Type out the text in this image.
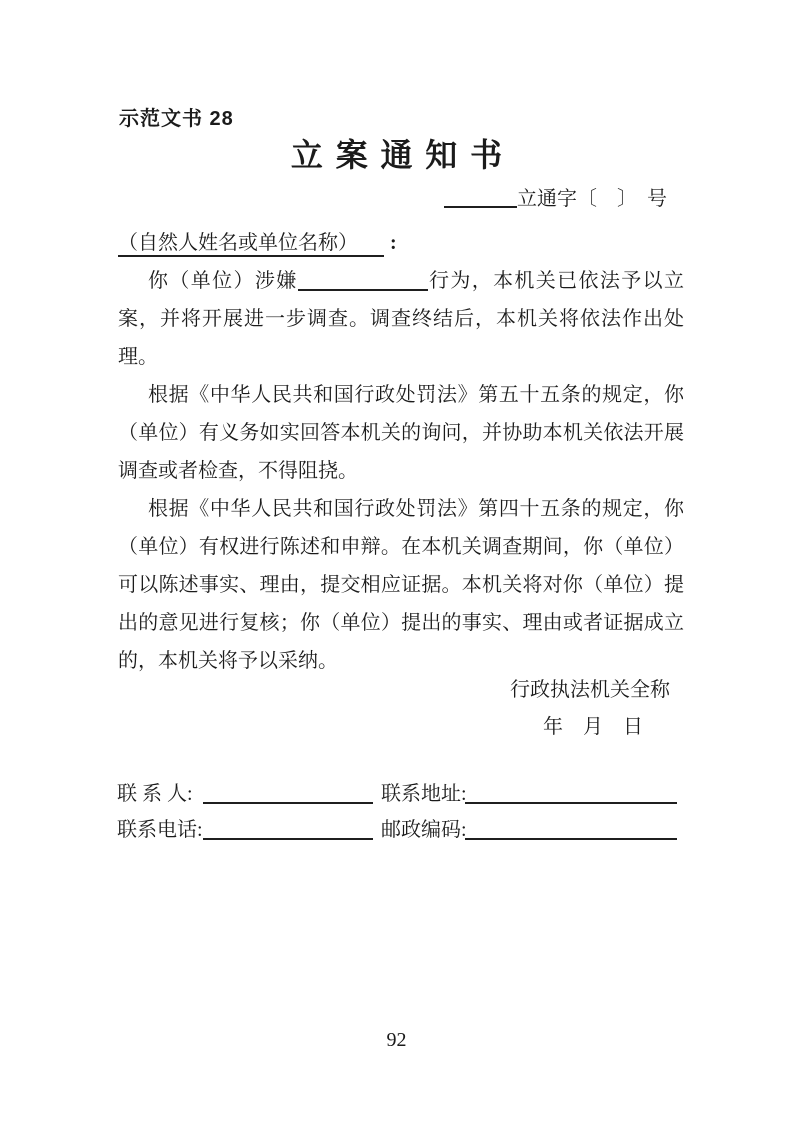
示范文书 28
立案通知书
立通字〔　〕　号
（自然人姓名或单位名称） :

你（单位）涉嫌	行为，本机关已依法予以立案，并将开展进一步调查。调查终结后，本机关将依法作出处理。

根据《中华人民共和国行政处罚法》第五十五条的规定，你（单位）有义务如实回答本机关的询问，并协助本机关依法开展调查或者检查，不得阻挠。

根据《中华人民共和国行政处罚法》第四十五条的规定，你（单位）有权进行陈述和申辩。在本机关调查期间，你（单位）可以陈述事实、理由，提交相应证据。本机关将对你（单位）提出的意见进行复核；你（单位）提出的事实、理由或者证据成立的，本机关将予以采纳。

行政执法机关全称
年　月　日
联 系 人:	联系地址:
联系电话:	邮政编码:
92
